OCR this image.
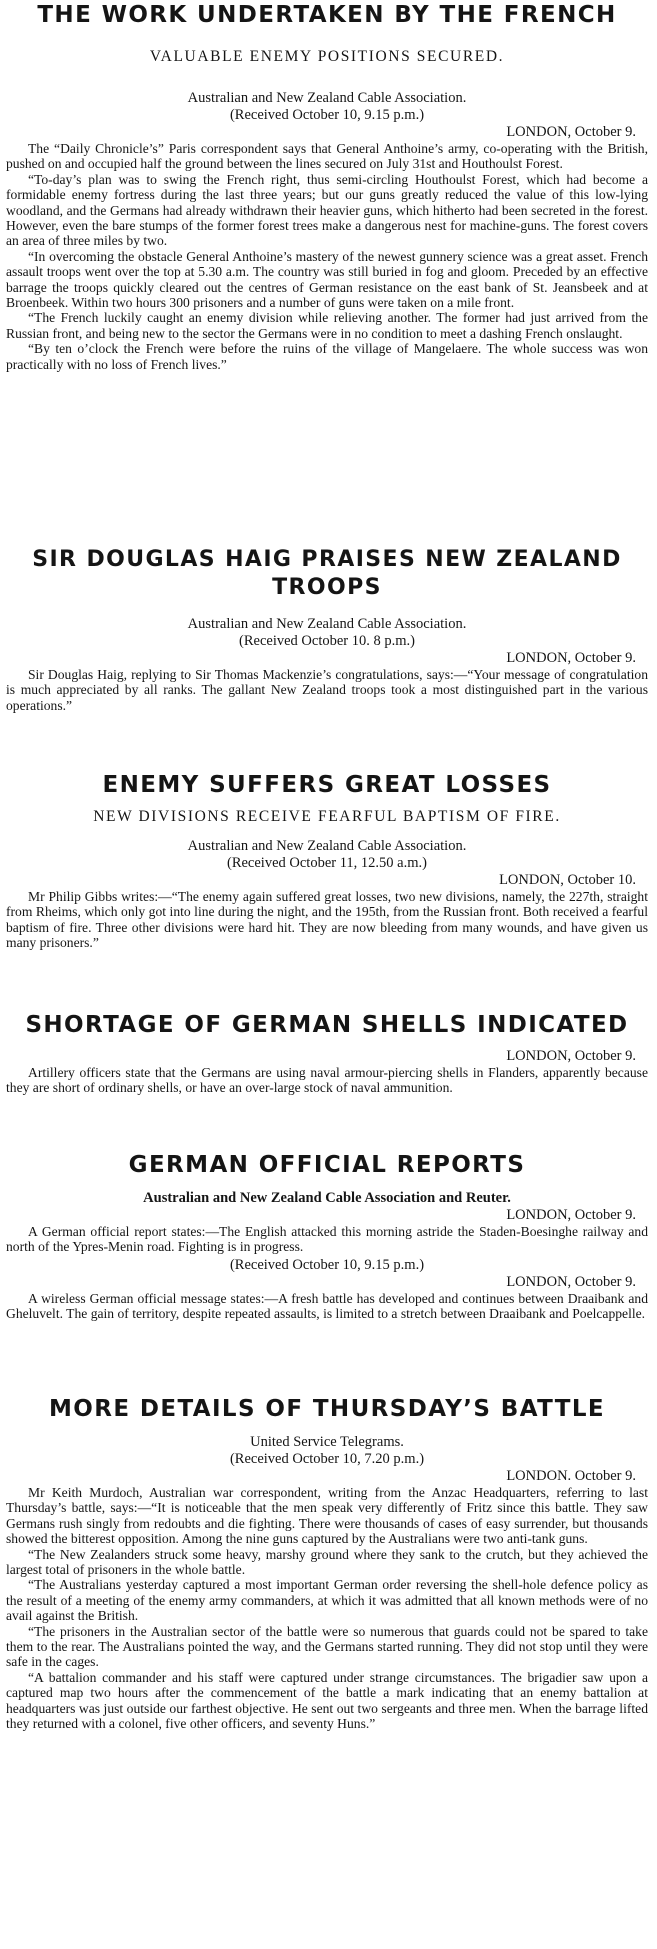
THE WORK UNDERTAKEN BY THE FRENCH

VALUABLE ENEMY POSITIONS SECURED.

Australian and New Zealand Cable Association.

(Received October 10, 9.15 p.m.)

LONDON, October 9.

The “Daily Chronicle’s” Paris correspondent says that General Anthoine’s army, co-operating with the British, pushed on and occupied half the ground between the lines secured on July 31st and Houthoulst Forest.

“To-day’s plan was to swing the French right, thus semi-circling Houthoulst Forest, which had become a formidable enemy fortress during the last three years; but our guns greatly reduced the value of this low-lying woodland, and the Germans had already withdrawn their heavier guns, which hitherto had been secreted in the forest. However, even the bare stumps of the former forest trees make a dangerous nest for machine-guns. The forest covers an area of three miles by two.

“In overcoming the obstacle General Anthoine’s mastery of the newest gunnery science was a great asset. French assault troops went over the top at 5.30 a.m. The country was still buried in fog and gloom. Preceded by an effective barrage the troops quickly cleared out the centres of German resistance on the east bank of St. Jeansbeek and at Broenbeek. Within two hours 300 prisoners and a number of guns were taken on a mile front.

“The French luckily caught an enemy division while relieving another. The former had just arrived from the Russian front, and being new to the sector the Germans were in no condition to meet a dashing French onslaught.

“By ten o’clock the French were before the ruins of the village of Mangelaere. The whole success was won practically with no loss of French lives.”

SIR DOUGLAS HAIG PRAISES NEW ZEALAND TROOPS

Australian and New Zealand Cable Association.

(Received October 10. 8 p.m.)

LONDON, October 9.

Sir Douglas Haig, replying to Sir Thomas Mackenzie’s congratulations, says:—“Your message of congratulation is much appreciated by all ranks. The gallant New Zealand troops took a most distinguished part in the various operations.”

ENEMY SUFFERS GREAT LOSSES

NEW DIVISIONS RECEIVE FEARFUL BAPTISM OF FIRE.

Australian and New Zealand Cable Association.

(Received October 11, 12.50 a.m.)

LONDON, October 10.

Mr Philip Gibbs writes:—“The enemy again suffered great losses, two new divisions, namely, the 227th, straight from Rheims, which only got into line during the night, and the 195th, from the Russian front. Both received a fearful baptism of fire. Three other divisions were hard hit. They are now bleeding from many wounds, and have given us many prisoners.”

SHORTAGE OF GERMAN SHELLS INDICATED

LONDON, October 9.

Artillery officers state that the Germans are using naval armour-piercing shells in Flanders, apparently because they are short of ordinary shells, or have an over-large stock of naval ammunition.

GERMAN OFFICIAL REPORTS

Australian and New Zealand Cable Association and Reuter.

LONDON, October 9.

A German official report states:—The English attacked this morning astride the Staden-Boesinghe railway and north of the Ypres-Menin road. Fighting is in progress.

(Received October 10, 9.15 p.m.)

LONDON, October 9.

A wireless German official message states:—A fresh battle has developed and continues between Draaibank and Gheluvelt. The gain of territory, despite repeated assaults, is limited to a stretch between Draaibank and Poelcappelle.

MORE DETAILS OF THURSDAY’S BATTLE

United Service Telegrams.

(Received October 10, 7.20 p.m.)

LONDON. October 9.

Mr Keith Murdoch, Australian war correspondent, writing from the Anzac Headquarters, referring to last Thursday’s battle, says:—“It is noticeable that the men speak very differently of Fritz since this battle. They saw Germans rush singly from redoubts and die fighting. There were thousands of cases of easy surrender, but thousands showed the bitterest opposition. Among the nine guns captured by the Australians were two anti-tank guns.

“The New Zealanders struck some heavy, marshy ground where they sank to the crutch, but they achieved the largest total of prisoners in the whole battle.

“The Australians yesterday captured a most important German order reversing the shell-hole defence policy as the result of a meeting of the enemy army commanders, at which it was admitted that all known methods were of no avail against the British.

“The prisoners in the Australian sector of the battle were so numerous that guards could not be spared to take them to the rear. The Australians pointed the way, and the Germans started running. They did not stop until they were safe in the cages.

“A battalion commander and his staff were captured under strange circumstances. The brigadier saw upon a captured map two hours after the commencement of the battle a mark indicating that an enemy battalion at headquarters was just outside our farthest objective. He sent out two sergeants and three men. When the barrage lifted they returned with a colonel, five other officers, and seventy Huns.”
